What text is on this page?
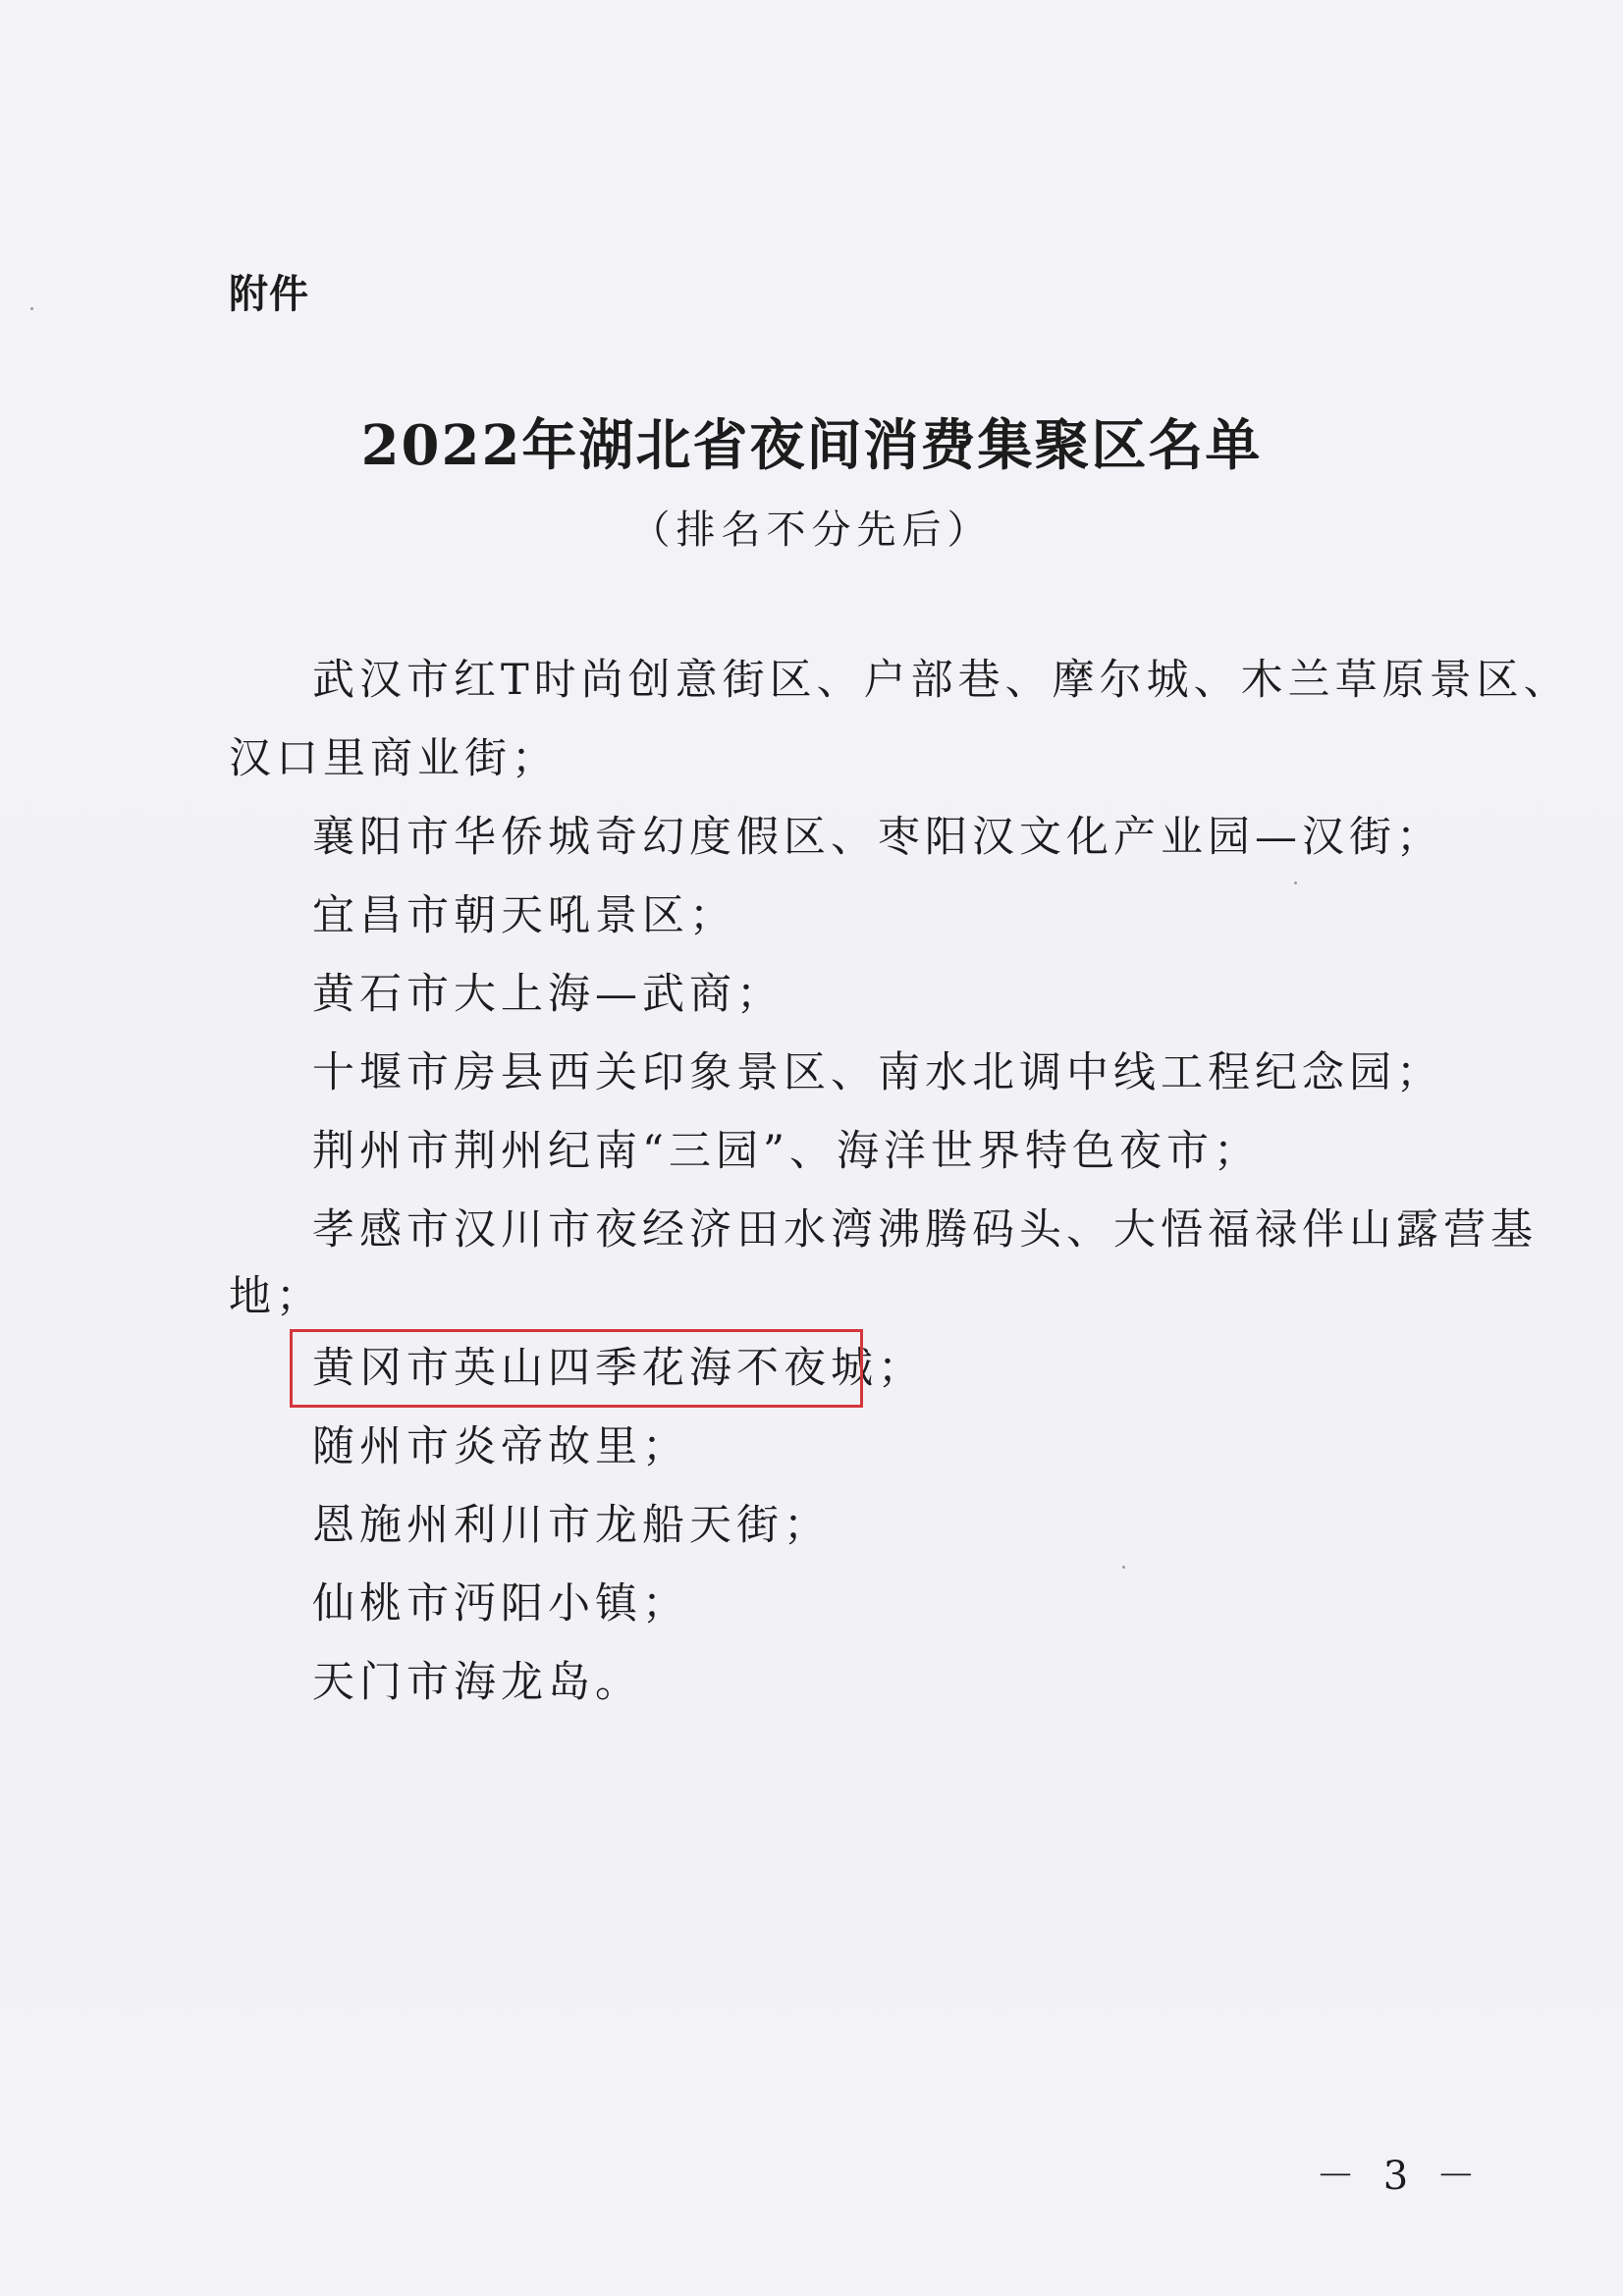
附件
2022年湖北省夜间消费集聚区名单
（排名不分先后）
武汉市红T时尚创意街区、户部巷、摩尔城、木兰草原景区、
汉口里商业街；
襄阳市华侨城奇幻度假区、枣阳汉文化产业园—汉街；
宜昌市朝天吼景区；
黄石市大上海—武商；
十堰市房县西关印象景区、南水北调中线工程纪念园；
荆州市荆州纪南“三园”、海洋世界特色夜市；
孝感市汉川市夜经济田水湾沸腾码头、大悟福禄伴山露营基
地；
黄冈市英山四季花海不夜城；
随州市炎帝故里；
恩施州利川市龙船天街；
仙桃市沔阳小镇；
天门市海龙岛。
－ 3 －
